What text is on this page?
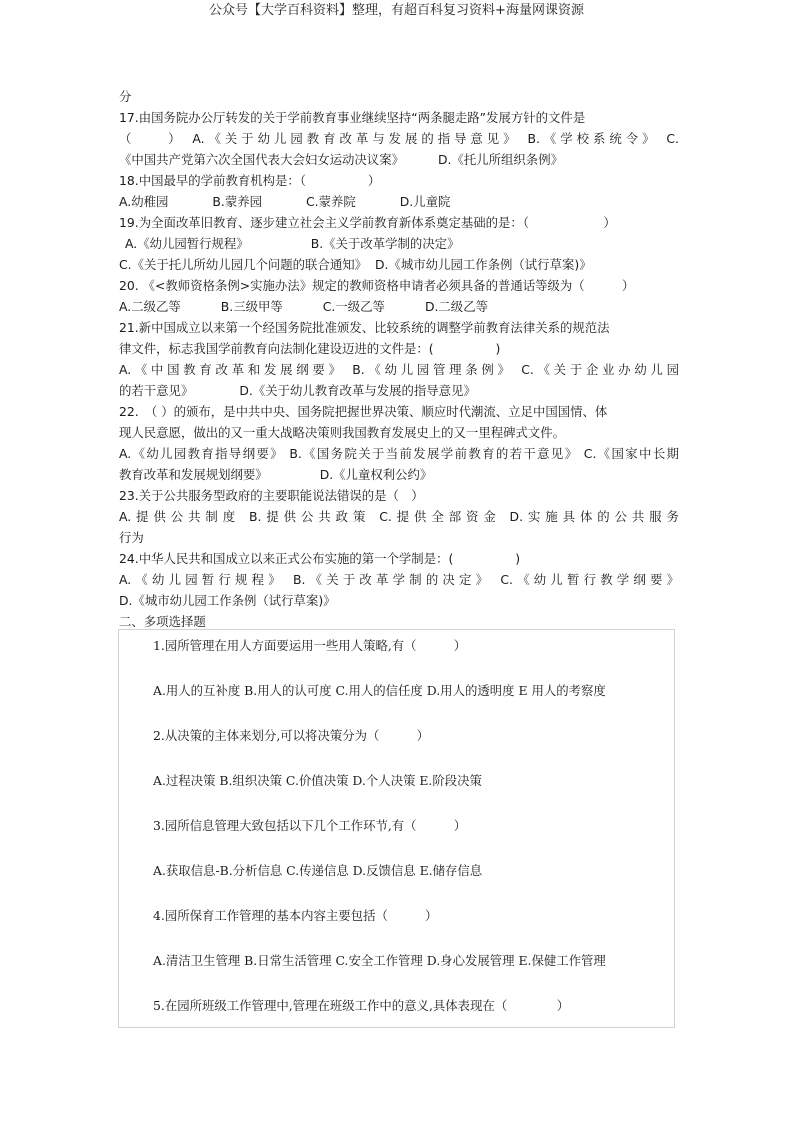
公众号【大学百科资料】整理，有超百科复习资料+海量网课资源
分
17.由国务院办公厅转发的关于学前教育事业继续坚持“两条腿走路”发展方针的文件是
（　　） A.《关于幼儿园教育改革与发展的指导意见》 B.《学校系统令》 C.
《中国共产党第六次全国代表大会妇女运动决议案》	D.《托儿所组织条例》
18.中国最早的学前教育机构是：（　　　　　）
A.幼稚园	B.蒙养园	C.蒙养院	D.儿童院
19.为全面改革旧教育、逐步建立社会主义学前教育新体系奠定基础的是：（　　　　　　）
A.《幼儿园暂行规程》	B.《关于改革学制的决定》
C.《关于托儿所幼儿园几个问题的联合通知》 D.《城市幼儿园工作条例（试行草案)》
20. 《<教师资格条例>实施办法》规定的教师资格申请者必须具备的普通话等级为（　　　）
A.二级乙等	B.三级甲等	C.一级乙等	D.二级乙等
21.新中国成立以来第一个经国务院批准颁发、比较系统的调整学前教育法律关系的规范法
律文件，标志我国学前教育向法制化建设迈进的文件是：(　　　　　)
A.《中国教育改革和发展纲要》 B.《幼儿园管理条例》 C.《关于企业办幼儿园
的若干意见》	D.《关于幼儿教育改革与发展的指导意见》
22.　（ ）的颁布，是中共中央、国务院把握世界决策、顺应时代潮流、立足中国国情、体
现人民意愿，做出的又一重大战略决策则我国教育发展史上的又一里程碑式文件。
A.《幼儿园教育指导纲要》 B.《国务院关于当前发展学前教育的若干意见》 C.《国家中长期
教育改革和发展规划纲要》	D.《儿童权利公约》
23.关于公共服务型政府的主要职能说法错误的是（　）
A.提供公共制度 B.提供公共政策 C.提供全部资金 D.实施具体的公共服务
行为
24.中华人民共和国成立以来正式公布实施的第一个学制是：(　　　　　)
A.《幼儿园暂行规程》 B.《关于改革学制的决定》 C.《幼儿暂行教学纲要》
D.《城市幼儿园工作条例（试行草案)》
二、多项选择题
1.园所管理在用人方面要运用一些用人策略,有（　　　）
A.用人的互补度 B.用人的认可度 C.用人的信任度 D.用人的透明度 E 用人的考察度
2.从决策的主体来划分,可以将决策分为（　　　）
A.过程决策 B.组织决策 C.价值决策 D.个人决策 E.阶段决策
3.园所信息管理大致包括以下几个工作环节,有（　　　）
A.获取信息-B.分析信息 C.传递信息 D.反馈信息 E.储存信息
4.园所保育工作管理的基本内容主要包括（　　　）
A.清洁卫生管理 B.日常生活管理 C.安全工作管理 D.身心发展管理 E.保健工作管理
5.在园所班级工作管理中,管理在班级工作中的意义,具体表现在（　　　　）
